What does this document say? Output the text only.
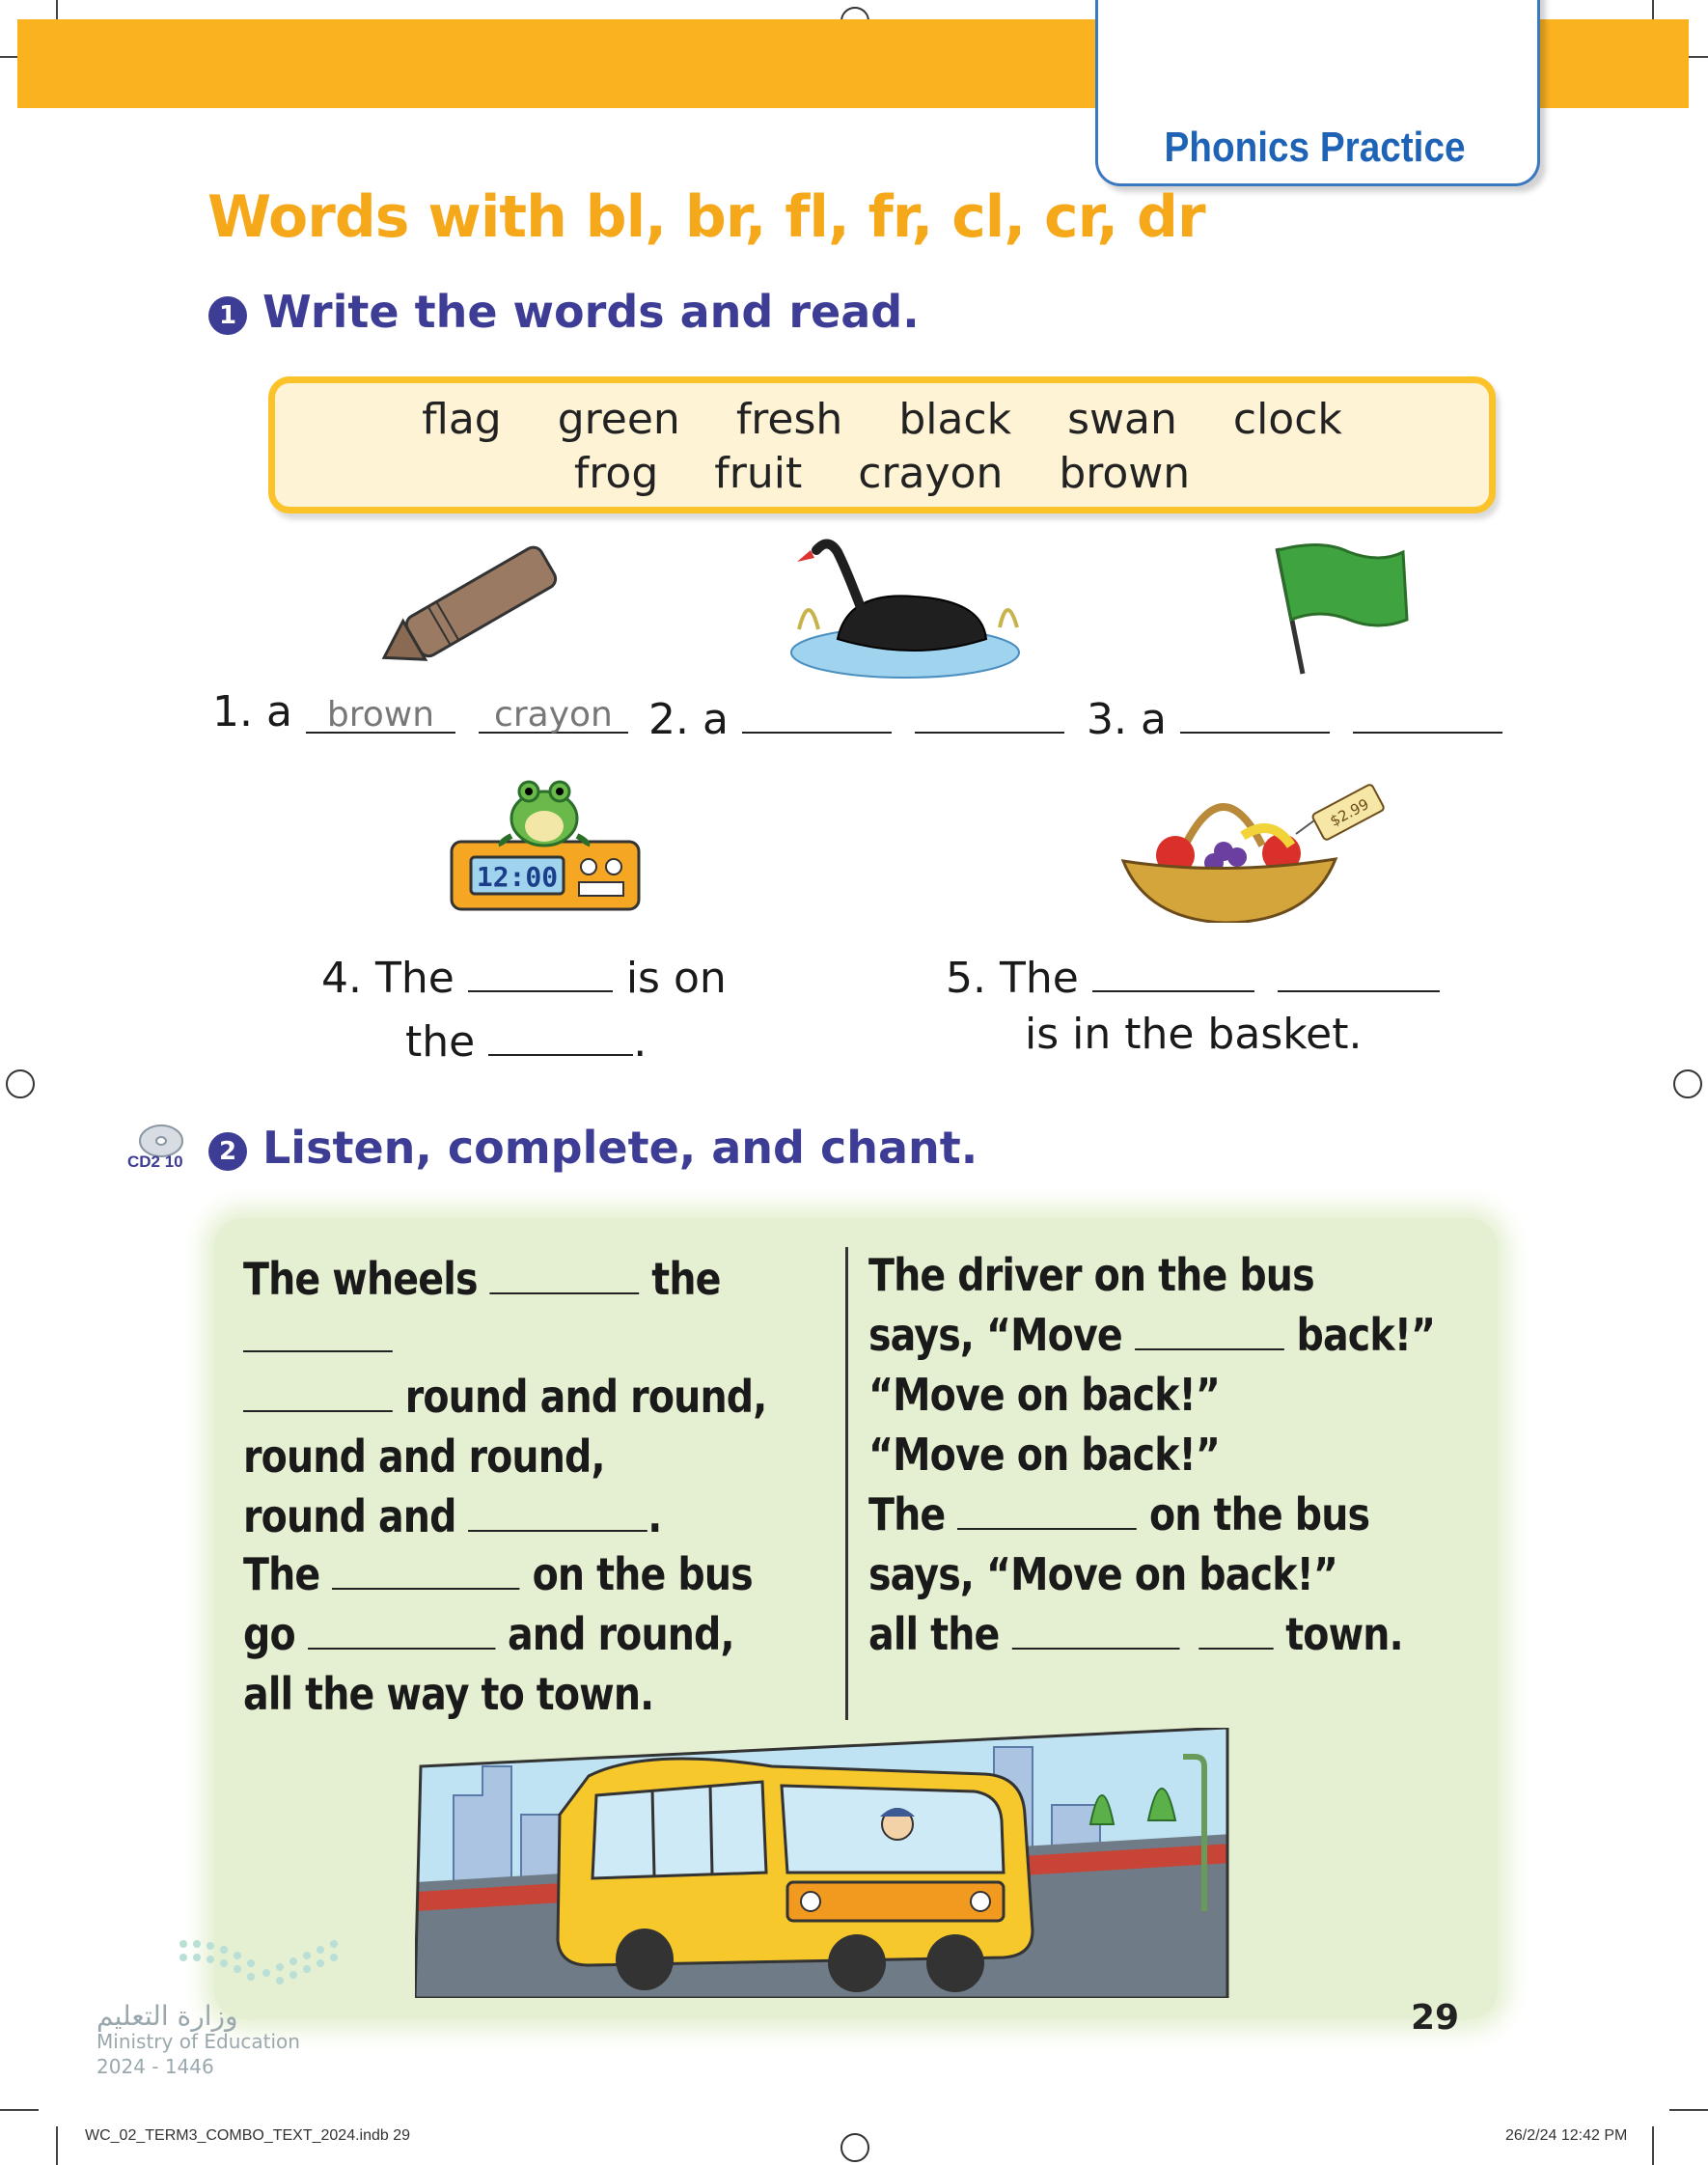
Phonics Practice
Words with bl, br, fl, fr, cl, cr, dr
1 Write the words and read.
flag green fresh black swan clock
frog fruit crayon brown
1. a brown crayon 2. a	3. a
12:00
$2.99
4. The	is on
the	.
5. The
is in the basket.
CD2 10	2 Listen, complete, and chant.
The wheels	the
round and round,
round and round,
round and	.
The	on the bus
go	and round,
all the way to town.
The driver on the bus
says, “Move	back!”
“Move on back!”
“Move on back!”
The	on the bus
says, “Move on back!”
all the	town.
وزارة التعليم
Ministry of Education
2024 - 1446
29
WC_02_TERM3_COMBO_TEXT_2024.indb 29	26/2/24 12:42 PM
